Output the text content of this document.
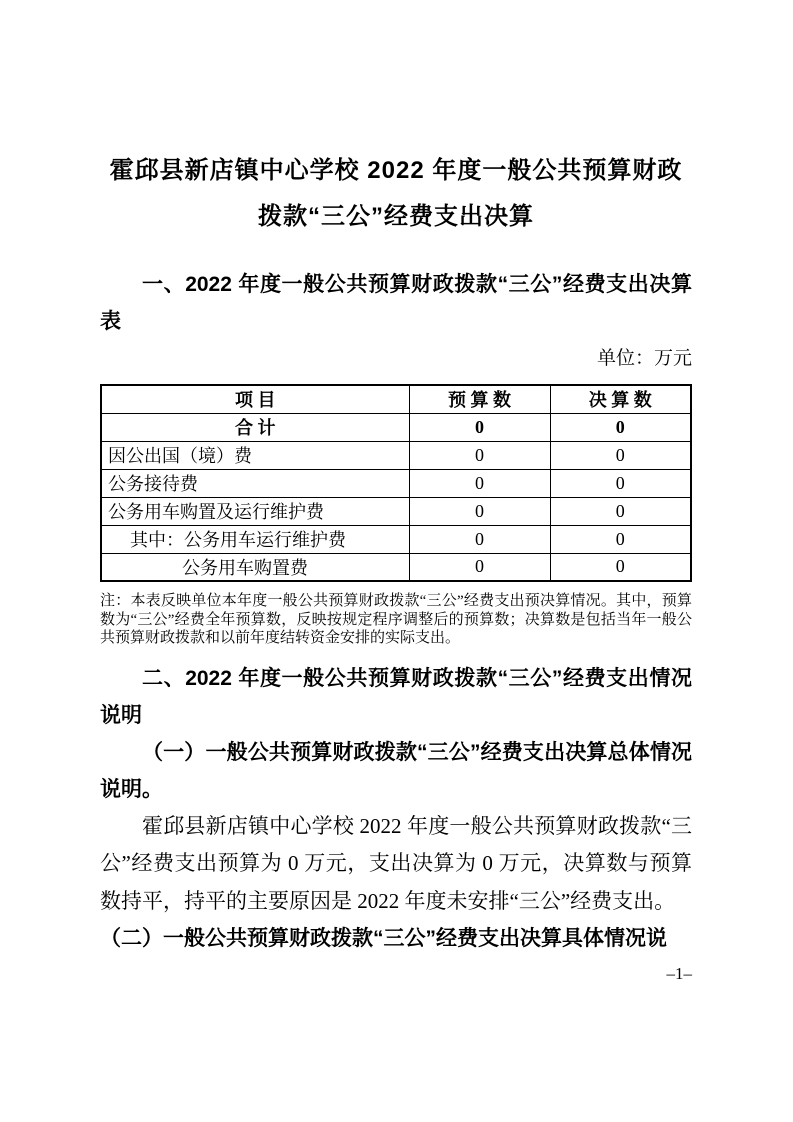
霍邱县新店镇中心学校 2022 年度一般公共预算财政
拨款“三公”经费支出决算

一、2022 年度一般公共预算财政拨款“三公”经费支出决算表

单位：万元

项 目	预 算 数	决 算 数
合 计	0	0
因公出国（境）费	0	0
公务接待费	0	0
公务用车购置及运行维护费	0	0
其中：公务用车运行维护费	0	0
公务用车购置费	0	0

注：本表反映单位本年度一般公共预算财政拨款“三公”经费支出预决算情况。其中，预算数为“三公”经费全年预算数，反映按规定程序调整后的预算数；决算数是包括当年一般公共预算财政拨款和以前年度结转资金安排的实际支出。

二、2022 年度一般公共预算财政拨款“三公”经费支出情况说明

（一）一般公共预算财政拨款“三公”经费支出决算总体情况说明。

霍邱县新店镇中心学校 2022 年度一般公共预算财政拨款“三公”经费支出预算为 0 万元，支出决算为 0 万元，决算数与预算数持平，持平的主要原因是 2022 年度未安排“三公”经费支出。

（二）一般公共预算财政拨款“三公”经费支出决算具体情况说

–1–
